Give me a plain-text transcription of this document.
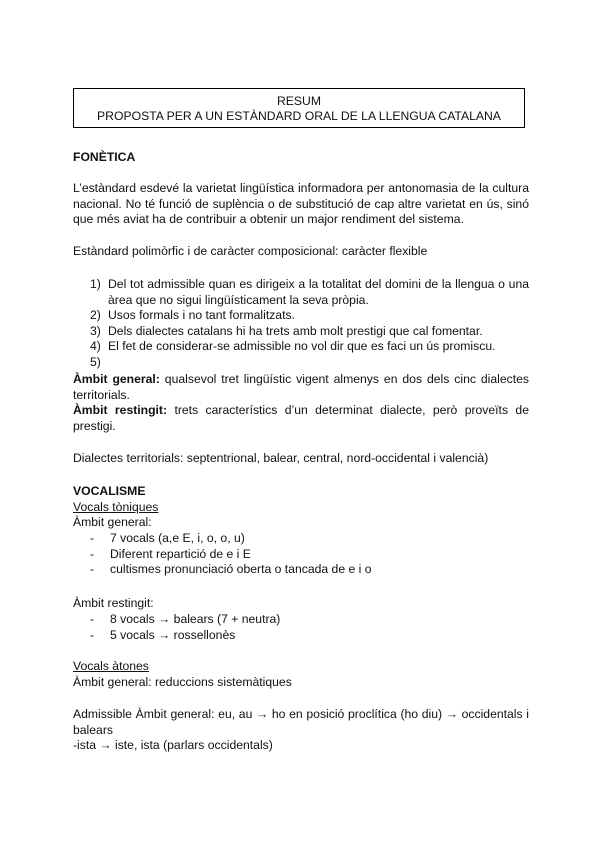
RESUM
PROPOSTA PER A UN ESTÀNDARD ORAL DE LA LLENGUA CATALANA
FONÈTICA
L’estàndard esdevé la varietat lingüística informadora per antonomasia de la cultura nacional. No té funció de suplència o de substitució de cap altre varietat en ús, sinó que més aviat ha de contribuir a obtenir un major rendiment del sistema.
Estàndard polimòrfic i de caràcter composicional: caràcter flexible
1) Del tot admissible quan es dirigeix a la totalitat del domini de la llengua o una àrea que no sigui lingüísticament la seva pròpia.
2) Usos formals i no tant formalitzats.
3) Dels dialectes catalans hi ha trets amb molt prestigi que cal fomentar.
4) El fet de considerar-se admissible no vol dir que es faci un ús promiscu.
5)

Àmbit general: qualsevol tret lingüístic vigent almenys en dos dels cinc dialectes territorials.
Àmbit restingit: trets característics d’un determinat dialecte, però proveïts de prestigi.
Dialectes territorials: septentrional, balear, central, nord-occidental i valencià)
VOCALISME
Vocals tòniques
Àmbit general:
- 7 vocals (a,e E, i, o, o, u)
- Diferent repartició de e i E
- cultismes pronunciació oberta o tancada de e i o
Àmbit restingit:
- 8 vocals → balears (7 + neutra)
- 5 vocals → rossellonès
Vocals àtones
Àmbit general: reduccions sistemàtiques
Admissible Àmbit general: eu, au → ho en posició proclítica (ho diu) → occidentals i balears
-ista → iste, ista (parlars occidentals)
